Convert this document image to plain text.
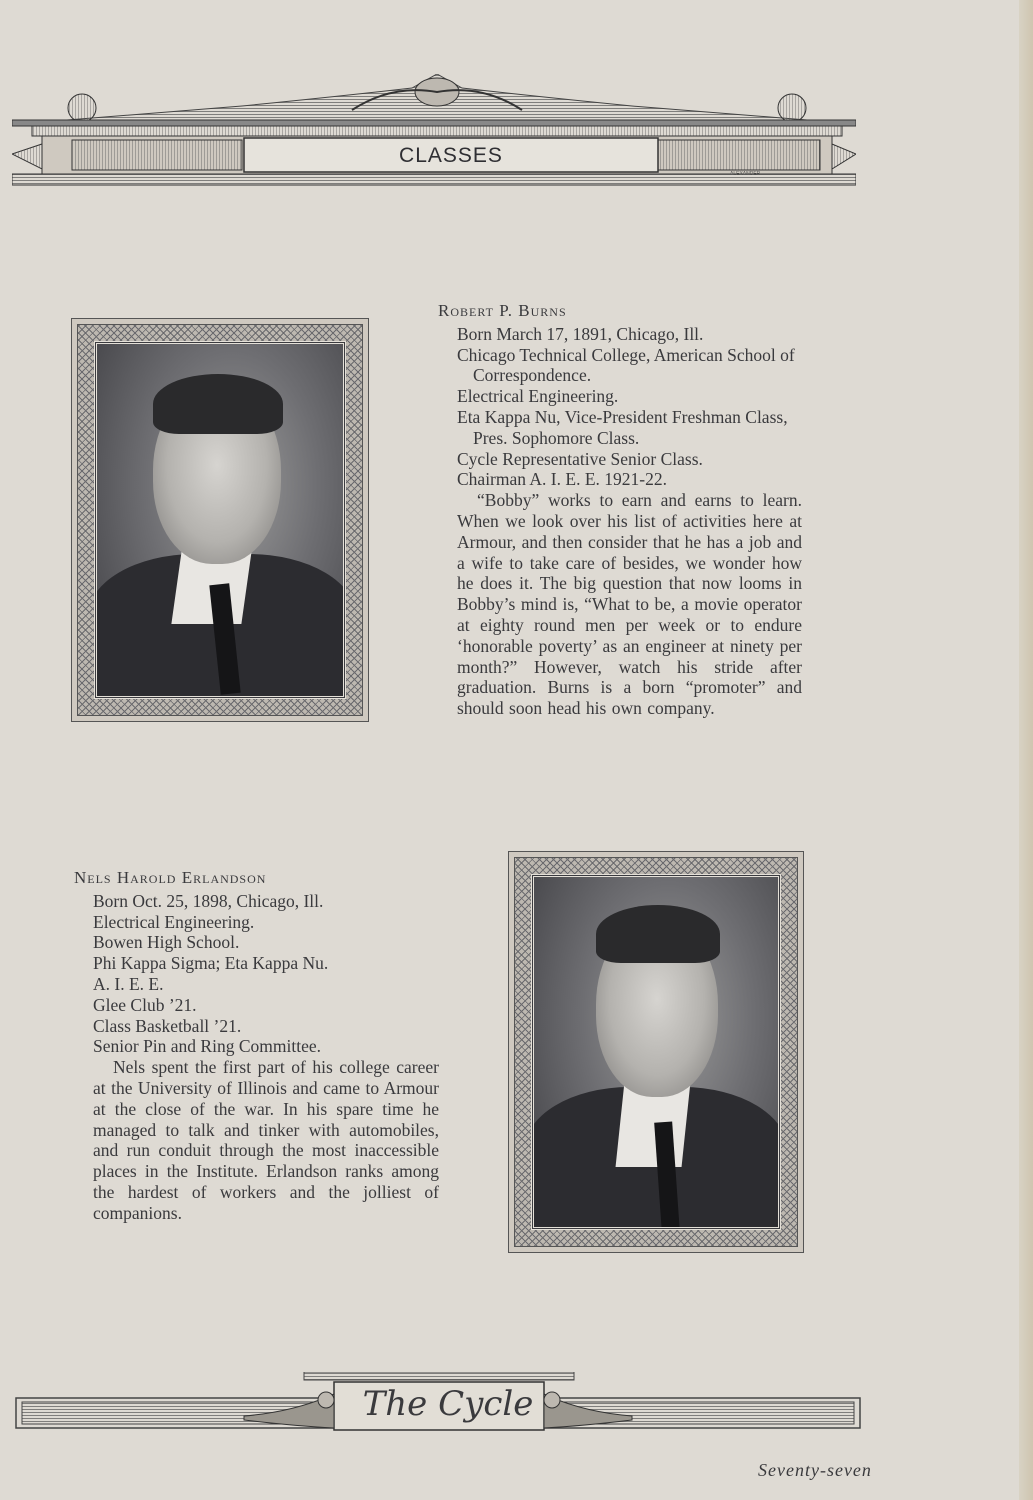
CLASSES
ALEXANDER
Robert P. Burns
Born March 17, 1891, Chicago, Ill.
Chicago Technical College, American School of Correspondence.
Electrical Engineering.
Eta Kappa Nu, Vice-President Freshman Class, Pres. Sophomore Class.
Cycle Representative Senior Class.
Chairman A. I. E. E. 1921-22.
“Bobby” works to earn and earns to learn. When we look over his list of activities here at Armour, and then consider that he has a job and a wife to take care of besides, we wonder how he does it. The big question that now looms in Bobby’s mind is, “What to be, a movie operator at eighty round men per week or to endure ‘honorable poverty’ as an engineer at ninety per month?” However, watch his stride after graduation. Burns is a born “promoter” and should soon head his own company.
Nels Harold Erlandson
Born Oct. 25, 1898, Chicago, Ill.
Electrical Engineering.
Bowen High School.
Phi Kappa Sigma; Eta Kappa Nu.
A. I. E. E.
Glee Club ’21.
Class Basketball ’21.
Senior Pin and Ring Committee.
Nels spent the first part of his college career at the University of Illinois and came to Armour at the close of the war. In his spare time he managed to talk and tinker with automobiles, and run conduit through the most inaccessible places in the Institute. Erlandson ranks among the hardest of workers and the jolliest of companions.
The Cycle
Seventy-seven
